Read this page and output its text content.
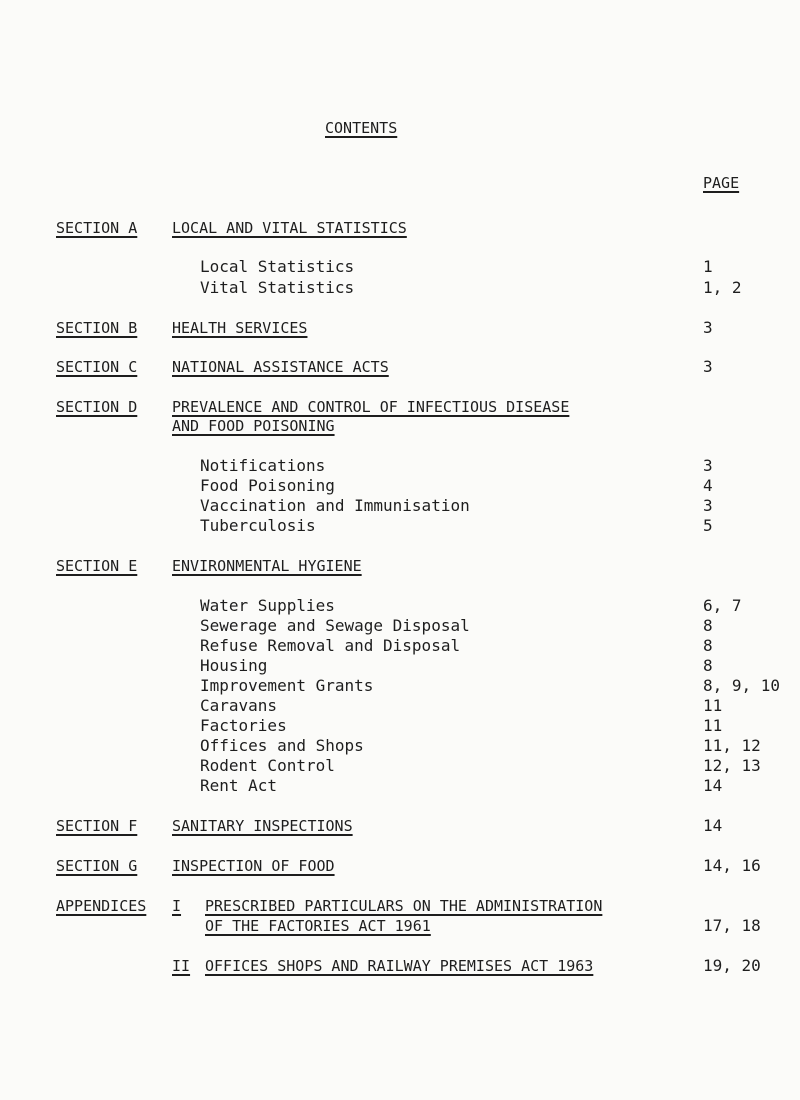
CONTENTS
PAGE
SECTION A LOCAL AND VITAL STATISTICS
Local Statistics	1
Vital Statistics	1, 2
SECTION B HEALTH SERVICES	3
SECTION C NATIONAL ASSISTANCE ACTS	3
SECTION D PREVALENCE AND CONTROL OF INFECTIOUS DISEASE
AND FOOD POISONING
Notifications	3
Food Poisoning	4
Vaccination and Immunisation	3
Tuberculosis	5
SECTION E ENVIRONMENTAL HYGIENE
Water Supplies	6, 7
Sewerage and Sewage Disposal	8
Refuse Removal and Disposal	8
Housing	8
Improvement Grants	8, 9, 10
Caravans	11
Factories	11
Offices and Shops	11, 12
Rodent Control	12, 13
Rent Act	14
SECTION F SANITARY INSPECTIONS	14
SECTION G INSPECTION OF FOOD	14, 16
APPENDICES I PRESCRIBED PARTICULARS ON THE ADMINISTRATION
OF THE FACTORIES ACT 1961	17, 18
II OFFICES SHOPS AND RAILWAY PREMISES ACT 1963	19, 20
